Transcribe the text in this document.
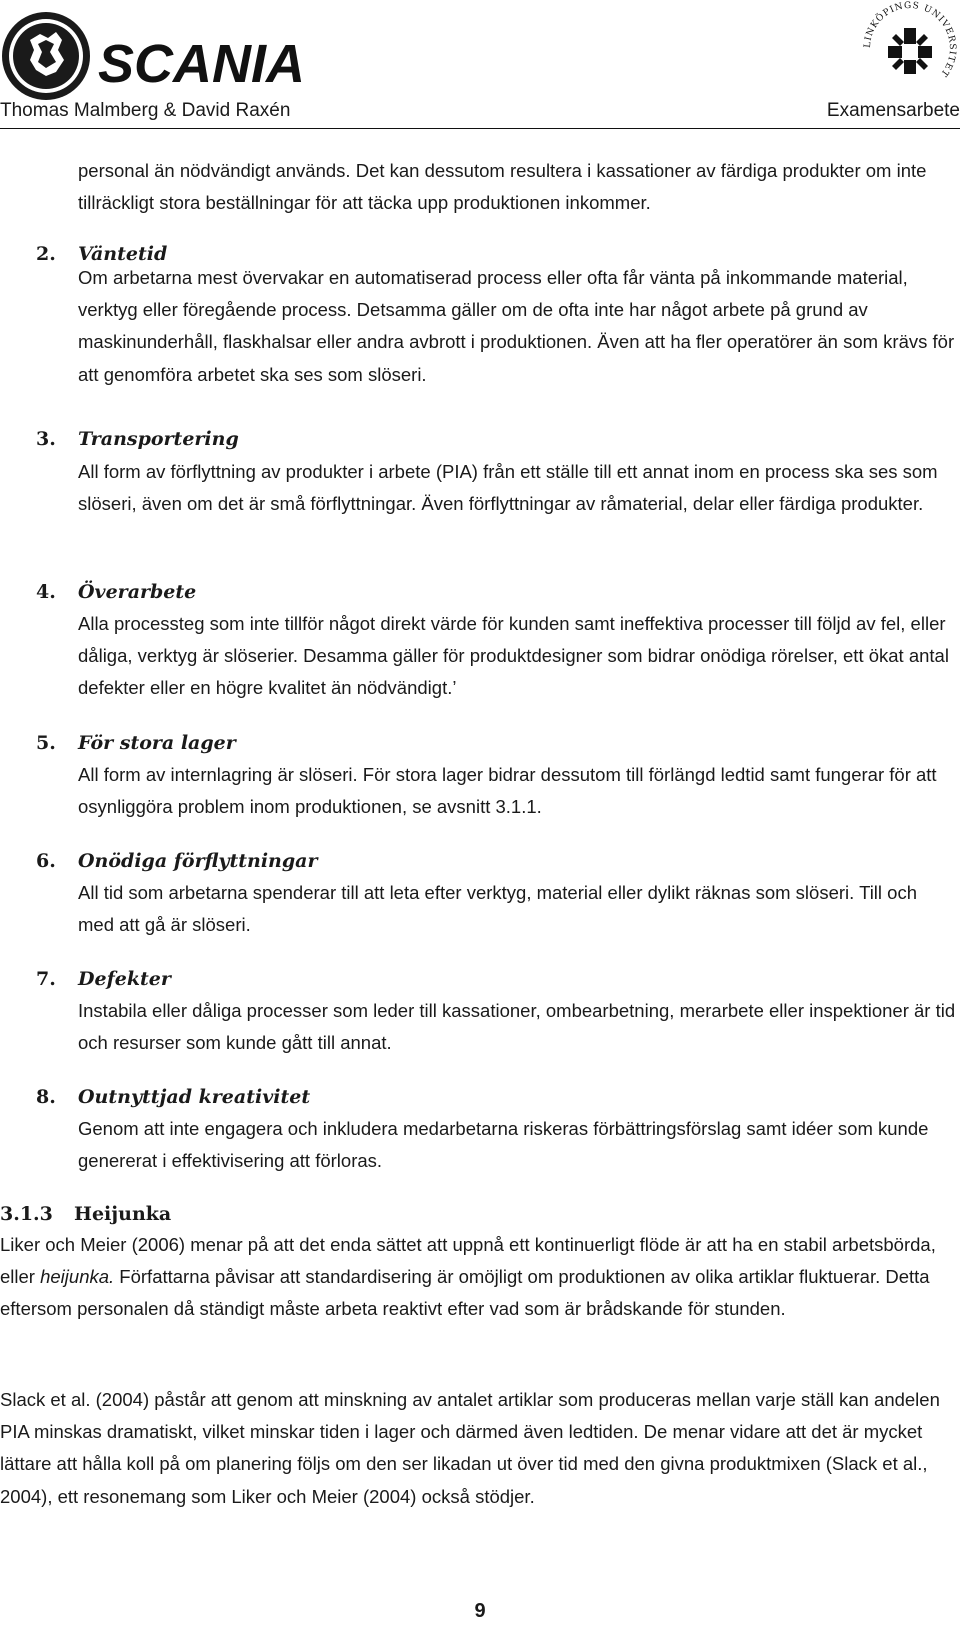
SCANIA	LINKÖPINGS UNIVERSITET
Thomas Malmberg & David Raxén	Examensarbete

personal än nödvändigt används. Det kan dessutom resultera i kassationer av färdiga produkter om inte tillräckligt stora beställningar för att täcka upp produktionen inkommer.

2. Väntetid

Om arbetarna mest övervakar en automatiserad process eller ofta får vänta på inkommande material, verktyg eller föregående process. Detsamma gäller om de ofta inte har något arbete på grund av maskinunderhåll, flaskhalsar eller andra avbrott i produktionen. Även att ha fler operatörer än som krävs för att genomföra arbetet ska ses som slöseri.

3. Transportering

All form av förflyttning av produkter i arbete (PIA) från ett ställe till ett annat inom en process ska ses som slöseri, även om det är små förflyttningar. Även förflyttningar av råmaterial, delar eller färdiga produkter.

4. Överarbete

Alla processteg som inte tillför något direkt värde för kunden samt ineffektiva processer till följd av fel, eller dåliga, verktyg är slöserier. Desamma gäller för produktdesigner som bidrar onödiga rörelser, ett ökat antal defekter eller en högre kvalitet än nödvändigt.’

5. För stora lager

All form av internlagring är slöseri. För stora lager bidrar dessutom till förlängd ledtid samt fungerar för att osynliggöra problem inom produktionen, se avsnitt 3.1.1.

6. Onödiga förflyttningar

All tid som arbetarna spenderar till att leta efter verktyg, material eller dylikt räknas som slöseri. Till och med att gå är slöseri.

7. Defekter

Instabila eller dåliga processer som leder till kassationer, ombearbetning, merarbete eller inspektioner är tid och resurser som kunde gått till annat.

8. Outnyttjad kreativitet

Genom att inte engagera och inkludera medarbetarna riskeras förbättringsförslag samt idéer som kunde genererat i effektivisering att förloras.

3.1.3 Heijunka

Liker och Meier (2006) menar på att det enda sättet att uppnå ett kontinuerligt flöde är att ha en stabil arbetsbörda, eller heijunka. Författarna påvisar att standardisering är omöjligt om produktionen av olika artiklar fluktuerar. Detta eftersom personalen då ständigt måste arbeta reaktivt efter vad som är brådskande för stunden.

Slack et al. (2004) påstår att genom att minskning av antalet artiklar som produceras mellan varje ställ kan andelen PIA minskas dramatiskt, vilket minskar tiden i lager och därmed även ledtiden. De menar vidare att det är mycket lättare att hålla koll på om planering följs om den ser likadan ut över tid med den givna produktmixen (Slack et al., 2004), ett resonemang som Liker och Meier (2004) också stödjer.

9
